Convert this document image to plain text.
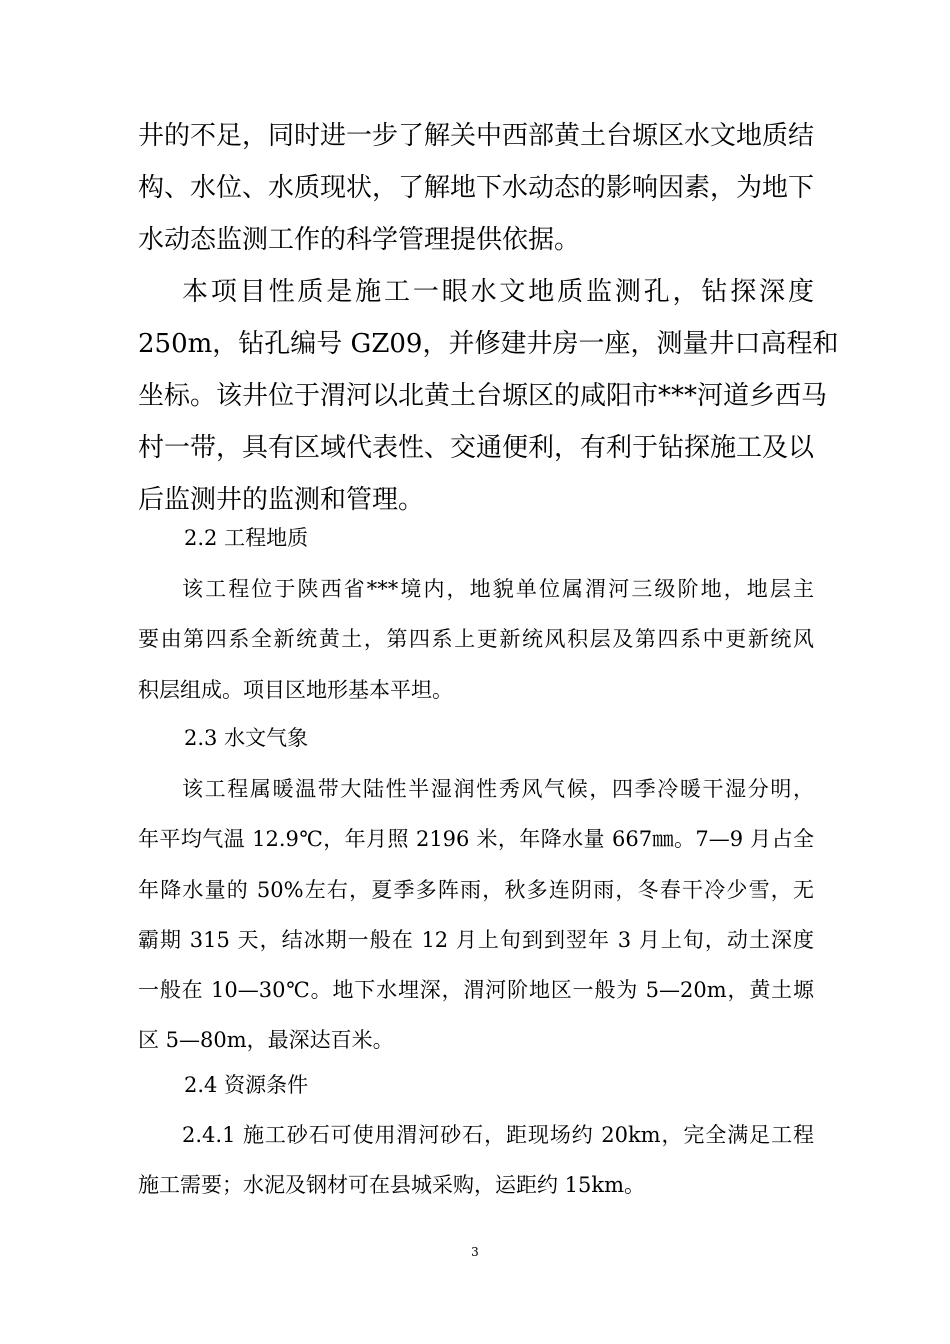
井的不足，同时进一步了解关中西部黄土台塬区水文地质结
构、水位、水质现状，了解地下水动态的影响因素，为地下
水动态监测工作的科学管理提供依据。
本项目性质是施工一眼水文地质监测孔，钻探深度
250m，钻孔编号 GZ09，并修建井房一座，测量井口高程和
坐标。该井位于渭河以北黄土台塬区的咸阳市***河道乡西马
村一带，具有区域代表性、交通便利，有利于钻探施工及以
后监测井的监测和管理。

2.2 工程地质

该工程位于陕西省***境内，地貌单位属渭河三级阶地，地层主
要由第四系全新统黄土，第四系上更新统风积层及第四系中更新统风
积层组成。项目区地形基本平坦。

2.3 水文气象

该工程属暖温带大陆性半湿润性秀风气候，四季冷暖干湿分明，
年平均气温 12.9℃，年月照 2196 米，年降水量 667㎜。7—9 月占全
年降水量的 50%左右，夏季多阵雨，秋多连阴雨，冬春干冷少雪，无
霸期 315 天，结冰期一般在 12 月上旬到到翌年 3 月上旬，动土深度
一般在 10—30℃。地下水埋深，渭河阶地区一般为 5—20m，黄土塬
区 5—80m，最深达百米。

2.4 资源条件

2.4.1 施工砂石可使用渭河砂石，距现场约 20km，完全满足工程
施工需要；水泥及钢材可在县城采购，运距约 15km。
3
